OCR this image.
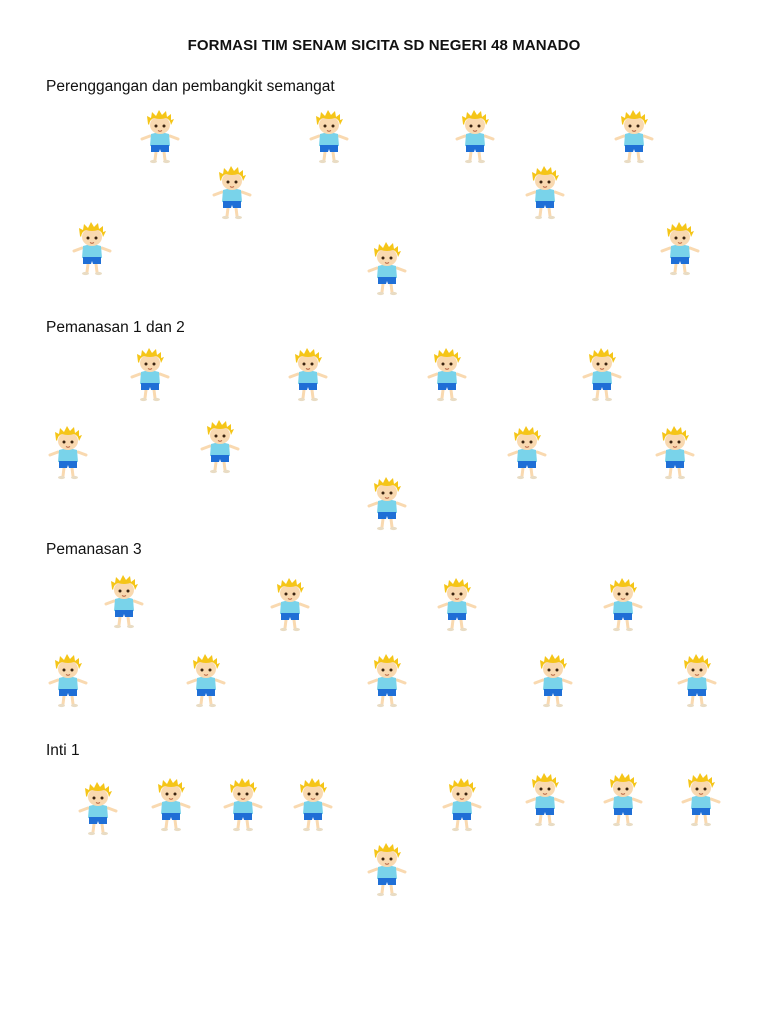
FORMASI TIM SENAM SICITA SD NEGERI 48 MANADO
Perenggangan dan pembangkit semangat
Pemanasan 1 dan 2
Pemanasan 3
Inti 1
